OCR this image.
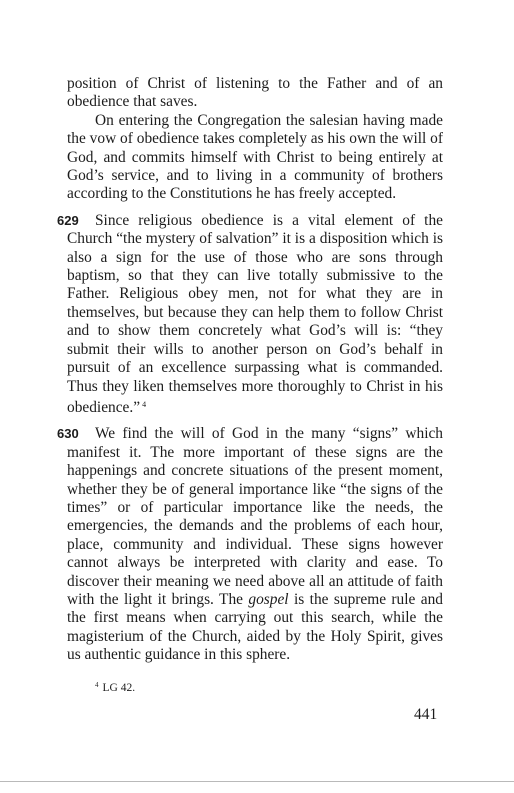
position of Christ of listening to the Father and of an obedience that saves.

On entering the Congregation the salesian having made the vow of obedience takes completely as his own the will of God, and commits himself with Christ to being entirely at God’s service, and to living in a community of brothers according to the Constitutions he has freely accepted.

629 Since religious obedience is a vital element of the Church “the mystery of salvation” it is a disposition which is also a sign for the use of those who are sons through baptism, so that they can live totally submissive to the Father. Religious obey men, not for what they are in themselves, but because they can help them to follow Christ and to show them concretely what God’s will is: “they submit their wills to another person on God’s behalf in pursuit of an excellence surpassing what is commanded. Thus they liken themselves more thoroughly to Christ in his obedience.” $^4$

630 We find the will of God in the many “signs” which manifest it. The more important of these signs are the happenings and concrete situations of the present moment, whether they be of general importance like “the signs of the times” or of particular importance like the needs, the emergencies, the demands and the problems of each hour, place, community and individual. These signs however cannot always be interpreted with clarity and ease. To discover their meaning we need above all an attitude of faith with the light it brings. The gospel is the supreme rule and the first means when carrying out this search, while the magisterium of the Church, aided by the Holy Spirit, gives us authentic guidance in this sphere.

$^4$ LG 42.
441
